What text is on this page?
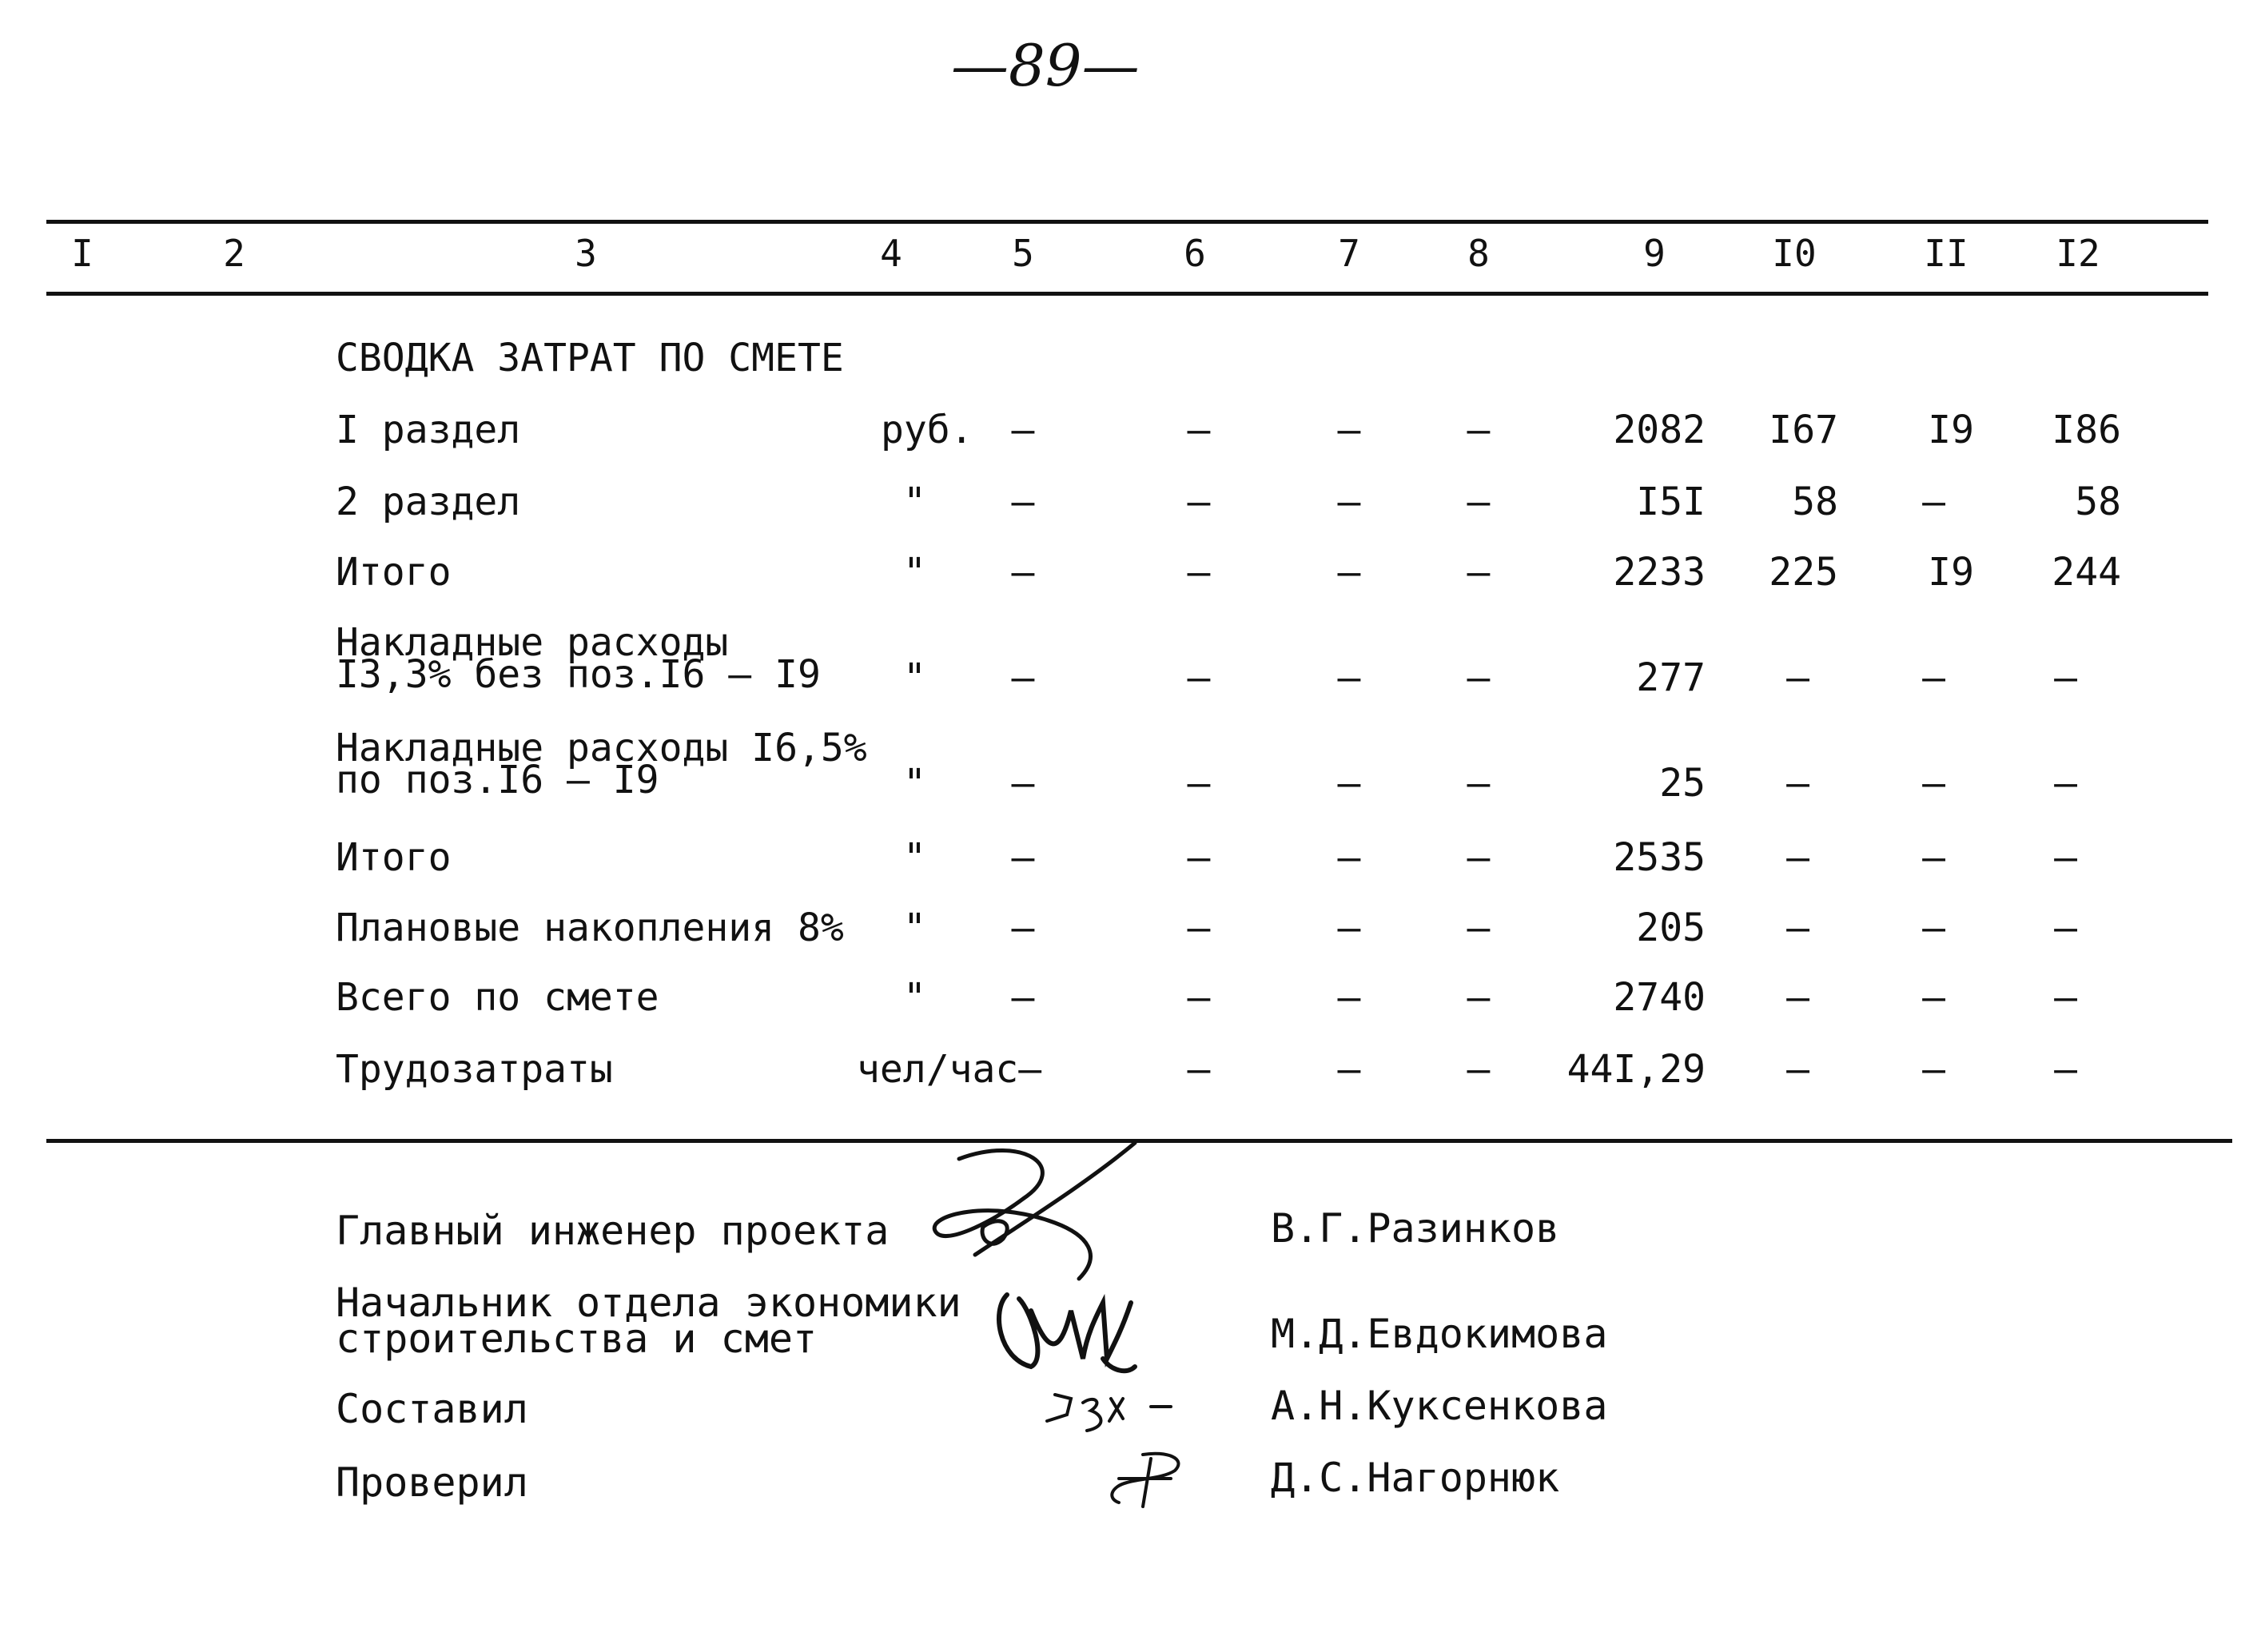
—89—
I	2	3	4	5	6	7	8	9	I0	II I2
СВОДКА ЗАТРАТ ПО СМЕТЕ
I раздел	руб. –	–	–	–	2082 I67 I9 I86
2 раздел	" –	–	–	–	I5I 58 –	58
Итого	" –	–	–	–	2233 225 I9 244
Накладные расходы
I3,3% без поз.I6 – I9 " –	–	–	–	277 –	–	–
Накладные расходы I6,5%
по поз.I6 – I9	" –	–	–	–	25 –	–	–
Итого	" –	–	–	–	2535 –	–	–
Плановые накопления 8% " –	–	–	–	205 –	–	–
Всего по смете	" –	–	–	–	2740 –	–	–
Трудозатраты	чел/час–	–	–	– 44I,29 –	–	–
Главный инженер проекта	В.Г.Разинков
Начальник отдела экономики
строительства и смет	М.Д.Евдокимова
Составил	А.Н.Куксенкова
Проверил	Д.С.Нагорнюк
